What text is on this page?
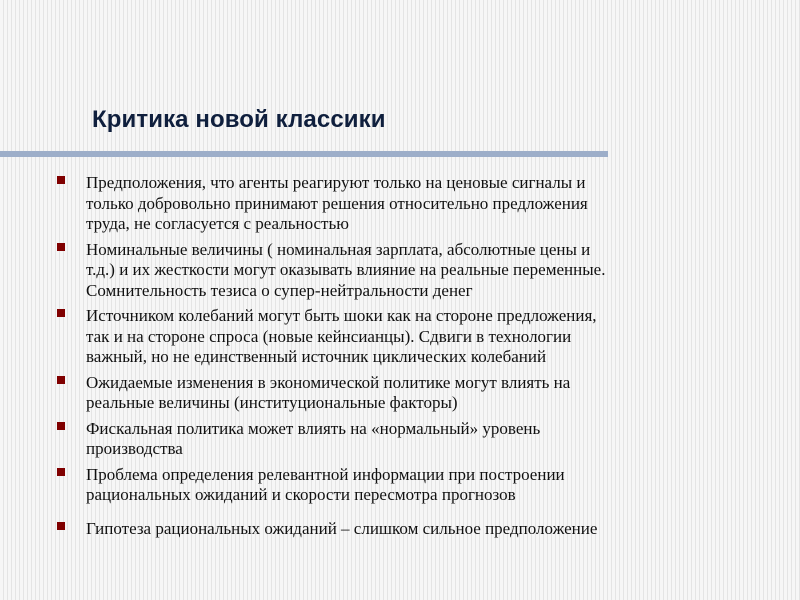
Критика новой классики
Предположения, что агенты реагируют только на ценовые сигналы и
только добровольно принимают решения относительно предложения
труда, не согласуется с реальностью
Номинальные величины ( номинальная зарплата, абсолютные цены и
т.д.) и их жесткости могут оказывать влияние на реальные переменные.
Сомнительность тезиса о супер-нейтральности денег
Источником колебаний могут быть шоки как на стороне предложения,
так и на стороне спроса (новые кейнсианцы). Сдвиги в технологии
важный, но не единственный источник циклических колебаний
Ожидаемые изменения в экономической политике могут влиять на
реальные величины (институциональные факторы)
Фискальная политика может влиять на «нормальный» уровень
производства
Проблема определения релевантной информации при построении
рациональных ожиданий и скорости пересмотра прогнозов
Гипотеза рациональных ожиданий – слишком сильное предположение
